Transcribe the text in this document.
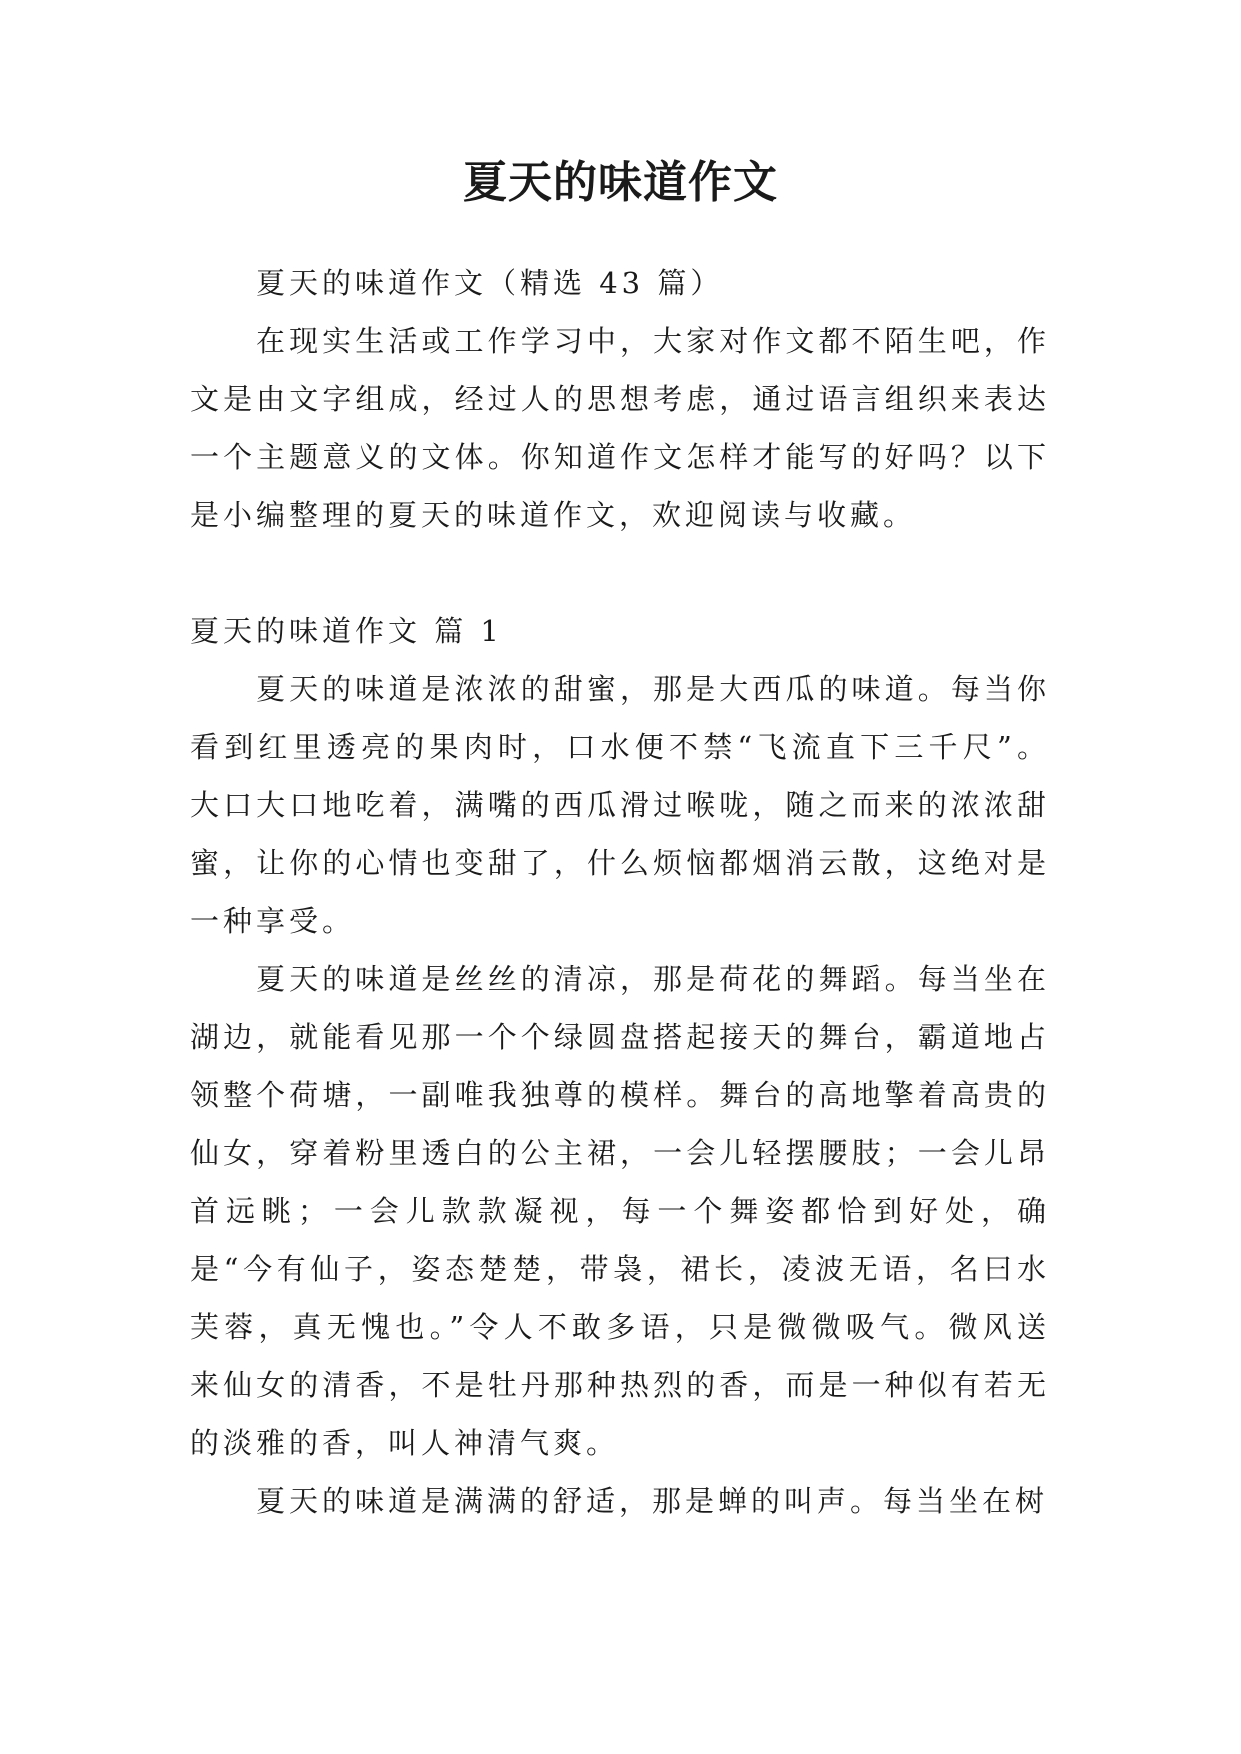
夏天的味道作文

夏天的味道作文（精选 43 篇）

在现实生活或工作学习中，大家对作文都不陌生吧，作文是由文字组成，经过人的思想考虑，通过语言组织来表达一个主题意义的文体。你知道作文怎样才能写的好吗？以下是小编整理的夏天的味道作文，欢迎阅读与收藏。

夏天的味道作文 篇 1

夏天的味道是浓浓的甜蜜，那是大西瓜的味道。每当你看到红里透亮的果肉时，口水便不禁“飞流直下三千尺”。大口大口地吃着，满嘴的西瓜滑过喉咙，随之而来的浓浓甜蜜，让你的心情也变甜了，什么烦恼都烟消云散，这绝对是一种享受。

夏天的味道是丝丝的清凉，那是荷花的舞蹈。每当坐在湖边，就能看见那一个个绿圆盘搭起接天的舞台，霸道地占领整个荷塘，一副唯我独尊的模样。舞台的高地擎着高贵的仙女，穿着粉里透白的公主裙，一会儿轻摆腰肢；一会儿昂首远眺；一会儿款款凝视，每一个舞姿都恰到好处，确是“今有仙子，姿态楚楚，带袅，裙长，凌波无语，名曰水芙蓉，真无愧也。”令人不敢多语，只是微微吸气。微风送来仙女的清香，不是牡丹那种热烈的香，而是一种似有若无的淡雅的香，叫人神清气爽。

夏天的味道是满满的舒适，那是蝉的叫声。每当坐在树
